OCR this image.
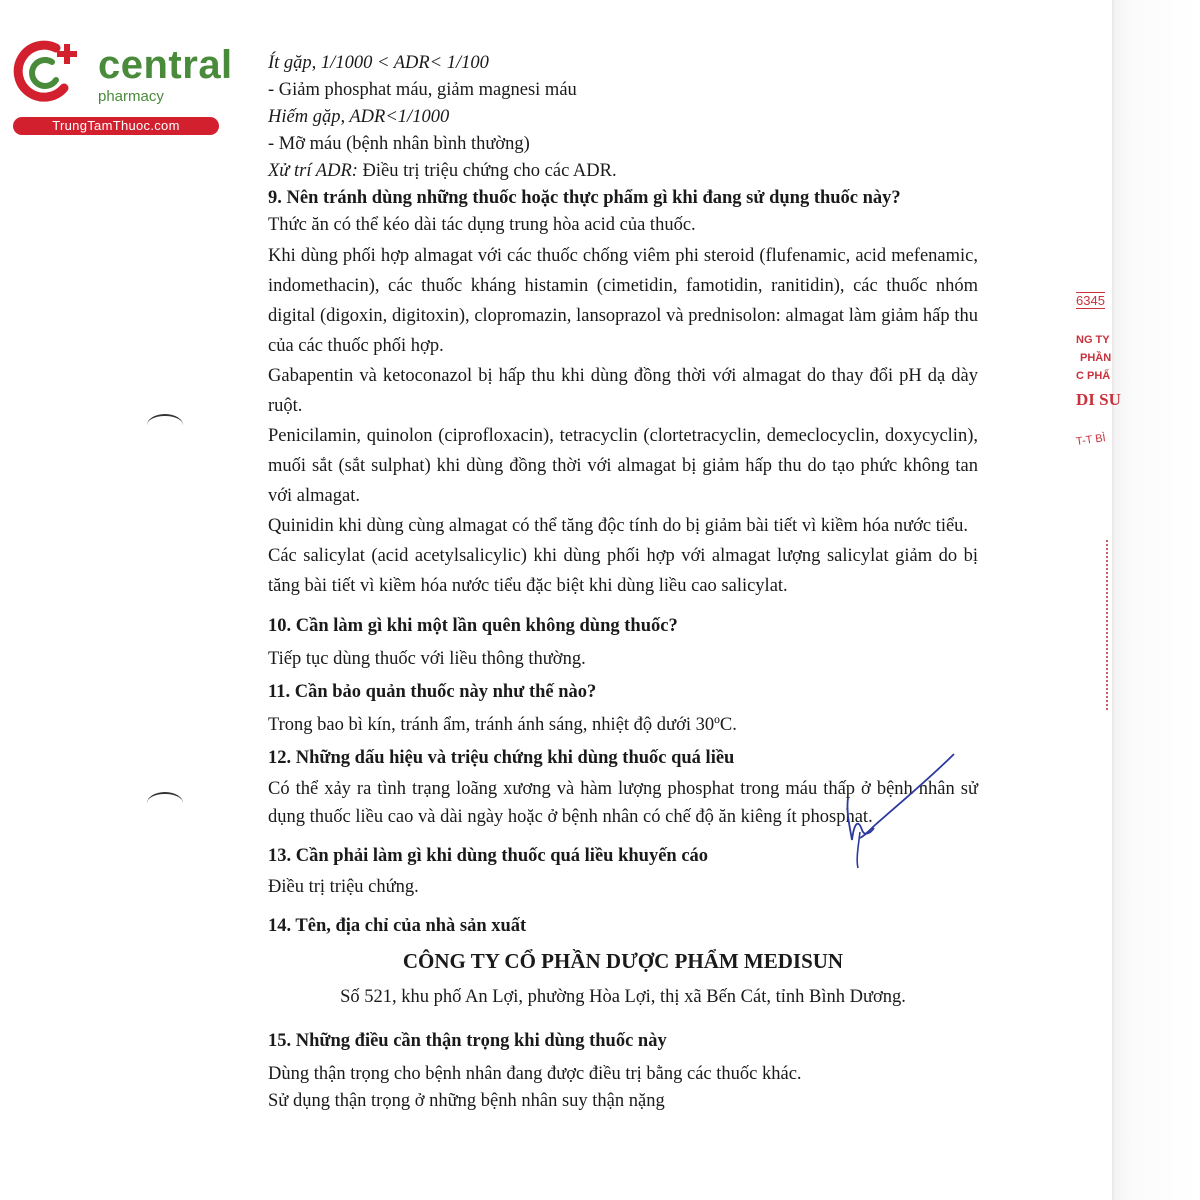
central
pharmacy
TrungTamThuoc.com

Ít gặp, 1/1000 < ADR< 1/100

- Giảm phosphat máu, giảm magnesi máu

Hiếm gặp, ADR<1/1000

- Mỡ máu (bệnh nhân bình thường)

Xử trí ADR: Điều trị triệu chứng cho các ADR.

9. Nên tránh dùng những thuốc hoặc thực phẩm gì khi đang sử dụng thuốc này?

Thức ăn có thể kéo dài tác dụng trung hòa acid của thuốc.

Khi dùng phối hợp almagat với các thuốc chống viêm phi steroid (flufenamic, acid mefenamic, indomethacin), các thuốc kháng histamin (cimetidin, famotidin, ranitidin), các thuốc nhóm digital (digoxin, digitoxin), clopromazin, lansoprazol và prednisolon: almagat làm giảm hấp thu của các thuốc phối hợp.

Gabapentin và ketoconazol bị hấp thu khi dùng đồng thời với almagat do thay đổi pH dạ dày ruột.

Penicilamin, quinolon (ciprofloxacin), tetracyclin (clortetracyclin, demeclocyclin, doxycyclin), muối sắt (sắt sulphat) khi dùng đồng thời với almagat bị giảm hấp thu do tạo phức không tan với almagat.

Quinidin khi dùng cùng almagat có thể tăng độc tính do bị giảm bài tiết vì kiềm hóa nước tiểu.

Các salicylat (acid acetylsalicylic) khi dùng phối hợp với almagat lượng salicylat giảm do bị tăng bài tiết vì kiềm hóa nước tiểu đặc biệt khi dùng liều cao salicylat.

10. Cần làm gì khi một lần quên không dùng thuốc?

Tiếp tục dùng thuốc với liều thông thường.

11. Cần bảo quản thuốc này như thế nào?

Trong bao bì kín, tránh ẩm, tránh ánh sáng, nhiệt độ dưới 30ºC.

12. Những dấu hiệu và triệu chứng khi dùng thuốc quá liều

Có thể xảy ra tình trạng loãng xương và hàm lượng phosphat trong máu thấp ở bệnh nhân sử dụng thuốc liều cao và dài ngày hoặc ở bệnh nhân có chế độ ăn kiêng ít phosphat.

13. Cần phải làm gì khi dùng thuốc quá liều khuyến cáo

Điều trị triệu chứng.

14. Tên, địa chỉ của nhà sản xuất

CÔNG TY CỔ PHẦN DƯỢC PHẨM MEDISUN

Số 521, khu phố An Lợi, phường Hòa Lợi, thị xã Bến Cát, tỉnh Bình Dương.

15. Những điều cần thận trọng khi dùng thuốc này

Dùng thận trọng cho bệnh nhân đang được điều trị bằng các thuốc khác.

Sử dụng thận trọng ở những bệnh nhân suy thận nặng

6345
NG TY
PHẦN
C PHẨ
DI SU
T-T BÌ
